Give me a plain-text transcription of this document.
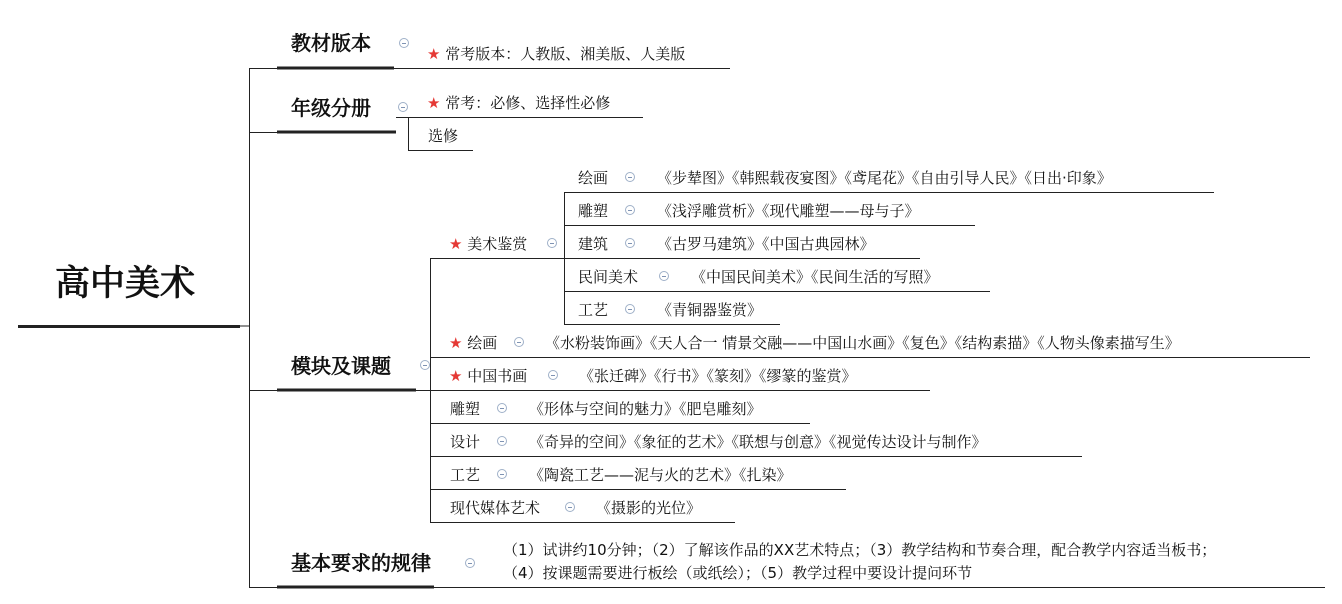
高中美术
教材版本	★ 常考版本：人教版、湘美版、人美版
年级分册	★ 常考：必修、选择性必修
选修
模块及课题
★ 美术鉴赏
绘画	《步辇图》《韩熙载夜宴图》《鸢尾花》《自由引导人民》《日出·印象》
雕塑	《浅浮雕赏析》《现代雕塑——母与子》
建筑	《古罗马建筑》《中国古典园林》
民间美术	《中国民间美术》《民间生活的写照》
工艺	《青铜器鉴赏》
★ 绘画	《水粉装饰画》《天人合一 情景交融——中国山水画》《复色》《结构素描》《人物头像素描写生》
★ 中国书画	《张迁碑》《行书》《篆刻》《缪篆的鉴赏》
雕塑	《形体与空间的魅力》《肥皂雕刻》
设计	《奇异的空间》《象征的艺术》《联想与创意》《视觉传达设计与制作》
工艺	《陶瓷工艺——泥与火的艺术》《扎染》
现代媒体艺术	《摄影的光位》
基本要求的规律
（1）试讲约10分钟；（2）了解该作品的XX艺术特点；（3）教学结构和节奏合理，配合教学内容适当板书；
（4）按课题需要进行板绘（或纸绘）；（5）教学过程中要设计提问环节
